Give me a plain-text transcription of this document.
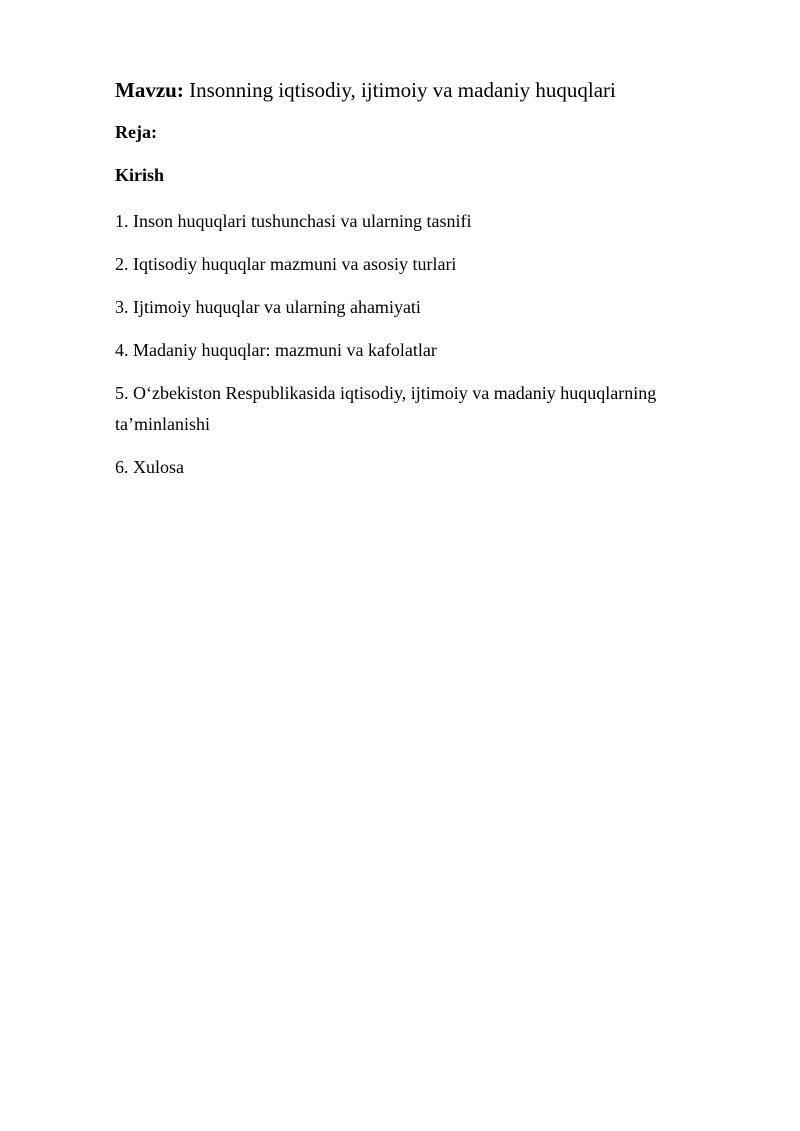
Mavzu: Insonning iqtisodiy, ijtimoiy va madaniy huquqlari
Reja:
Kirish
1. Inson huquqlari tushunchasi va ularning tasnifi
2. Iqtisodiy huquqlar mazmuni va asosiy turlari
3. Ijtimoiy huquqlar va ularning ahamiyati
4. Madaniy huquqlar: mazmuni va kafolatlar
5. O‘zbekiston Respublikasida iqtisodiy, ijtimoiy va madaniy huquqlarning ta’minlanishi
6. Xulosa
